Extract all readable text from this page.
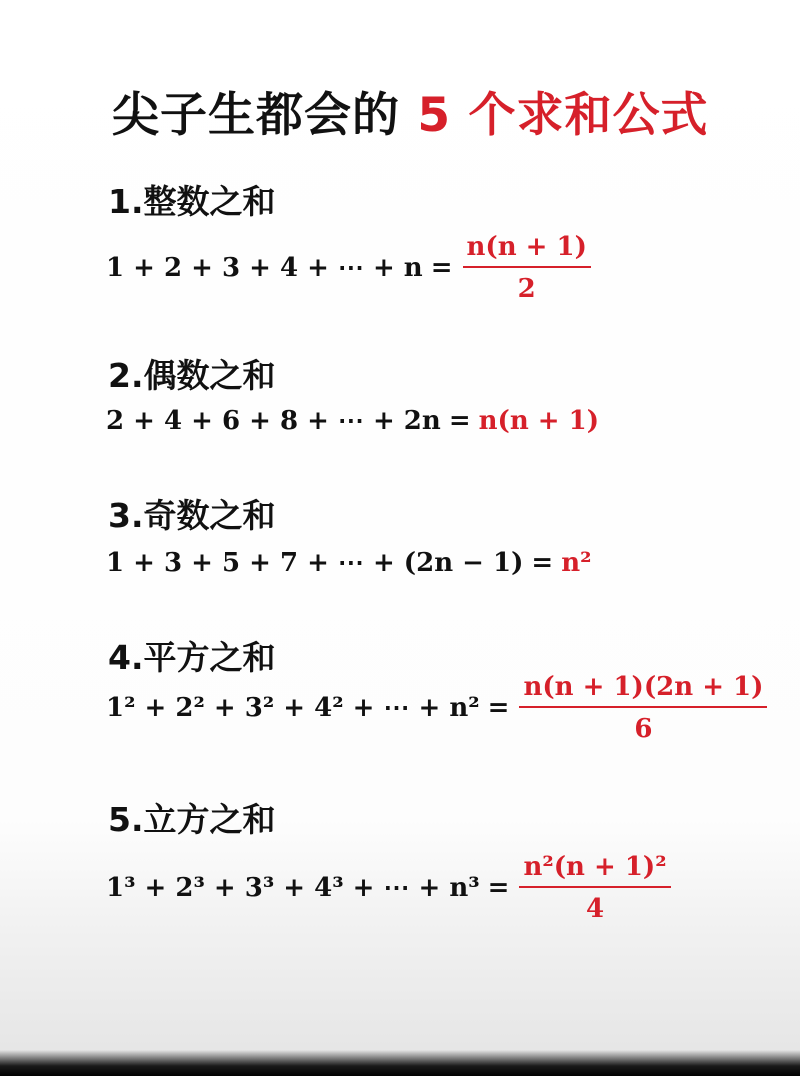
尖子生都会的 5 个求和公式
1.整数之和
1 + 2 + 3 + 4 + ⋯ + $n = \frac{n(n + 1)}{2}$
2.偶数之和
2 + 4 + 6 + 8 + ⋯ + 2n = n(n + 1)
3.奇数之和
1 + 3 + 5 + 7 + ⋯ + (2n − 1) = n²
4.平方之和
1² + 2² + 3² + 4² + ⋯ + $n^2 = \frac{n(n + 1)(2n + 1)}{6}$
5.立方之和
1³ + 2³ + 3³ + 4³ + ⋯ + $n^3 = \frac{\text{n²(n + 1)²}}{4}$
